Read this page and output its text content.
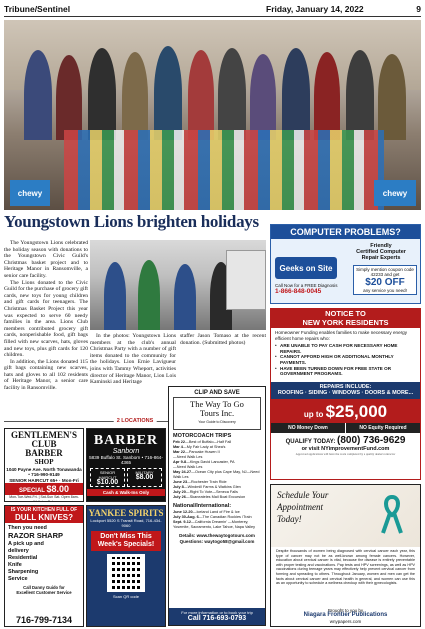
Tribune/Sentinel	Friday, January 14, 2022	9
chewy	chewy
Youngstown Lions brighten holidays

The Youngstown Lions celebrated the holiday season with donations to the Youngstown Civic Guild's Christmas basket project and to Heritage Manor in Ransomville, a senior care facility.

The Lions donated to the Civic Guild for the purchase of grocery gift cards, new toys for young children and gift cards for teenagers. The Christmas Basket Project this year was expected to serve 60 needy families in the area. Lions Club members contributed grocery gift cards, nonperishable food, gift bags filled with new scarves, hats, gloves and new toys, plus gift cards for 120 children.

In addition, the Lions donated 115 gift bags containing new scarves, hats and gloves to all 102 residents of Heritage Manor, a senior care facility in Ransomville.

In the photos: Youngstown Lions members at the club's annual Christmas Party with a number of gift items donated to the community for the holidays. Lion Ernie Lavigueur joins with Tammy Wheport, activities director of Heritage Manor, Lion Lois Kaminski and Heritage

staffer Jason Tomaso at the recent donation. (Submitted photos)

COMPUTER PROBLEMS?
Friendly
Certified Computer
Repair Experts
Geeks on Site	Simply mention coupon code 42233 and get
$20 OFF
any service you need!
Call Now for a FREE Diagnosis
1-866-848-0045
NOTICE TO
NEW YORK RESIDENTS
Homeowner Funding enables families to make necessary energy efficient home repairs who:
• ARE UNABLE TO PAY CASH FOR NECESSARY HOME REPAIRS.
• CANNOT AFFORD HIGH OR ADDITIONAL MONTHLY PAYMENTS.
• HAVE BEEN TURNED DOWN FOR FREE STATE OR GOVERNMENT PROGRAMS.
REPAIRS INCLUDE:
ROOFING · SIDING · WINDOWS · DOORS & MORE...
up to $25,000
NO Money Down	NO Equity Required
QUALIFY TODAY: (800) 736-9629
or visit NYimprovementFund.com
Approved applications will have the work completed by a quality dealer/contractor
2 LOCATIONS
GENTLEMEN'S
CLUB
BARBER
SHOP
1040 Payne Ave. North Tonawanda • 716-990-9149
SENIOR HAIRCUT 65+ · Mon-Fri
SPECIAL $8.00
Mon-Tue-Wed-Fri. | Sat-Sun Sat. Open 8am-Walk-ins Only
BARBER
Sanborn
5839 Buffalo St. Sanborn • 716-864-4365
SENIOR HAIRCUT
$10.00
MILITARY
$8.00
Cash & Walk-Ins Only
CLIP AND SAVE
The Way To Go
Tours Inc.
Your Guide to Discovery
MOTORCOACH TRIPS
Feb 22—Best of Buffalo—Half Fall
Mar 4—My Fair Lady at Shea's
Mar 22—Pancake Huwen II
—Need Walk Les
Apr 9-8—Kings David Lancaster, PA
—Need Walk Les
May 24-27—Ocean City plus Cape May, NJ—Need Walk Les
June 23—Rochester Train Ride
July 8—Windmill Farms & Watkins Glen
July 20—Right To Vote—Seneca Falls
July 26—Skaneateles Mail Boat Excursion
National/International:
June 12-20—Iceland Land of Fire & Ice
July 30-Aug. 6—The Canadian Rockies /Train
Sept. 9-12—California Dreamin' —Monterey, Yosemite, Sacramento, Lake Tahoe, Napa Valley
Details: www.thewaytogotours.com Questions: waytogo58@gmail.com
For more information or to book your trip
Call 716-693-0793
IS YOUR KITCHEN FULL OF
DULL KNIVES?
Then you need
RAZOR SHARP
A pick up and
delivery
Residential
Knife
Sharpening
Service
Call Danny Guido for
Excellent Customer Service
716-799-7134
YANKEE SPIRITS
Lockport 5520 S Transit Road, 716-434-9060
Don't Miss This
Week's Specials!
Scan QR code
Schedule Your
Appointment
Today!
Despite thousands of women being diagnosed with cervical cancer each year, this type of cancer may not be as well-known among female cancers. However, education about cervical cancer is vital, because the disease is entirely preventable with proper testing and vaccinations. Pap tests and HPV screenings, as well as HPV vaccinations during teenage years may effectively help prevent cervical cancer from forming and spreading to others. Throughout January, women and men can get the facts about cervical cancer and cervical health in general, and women can use this as an opportunity to schedule a wellness checkup with their gynecologists.
Brought to you by
Niagara Frontier Publications
wnypapers.com
